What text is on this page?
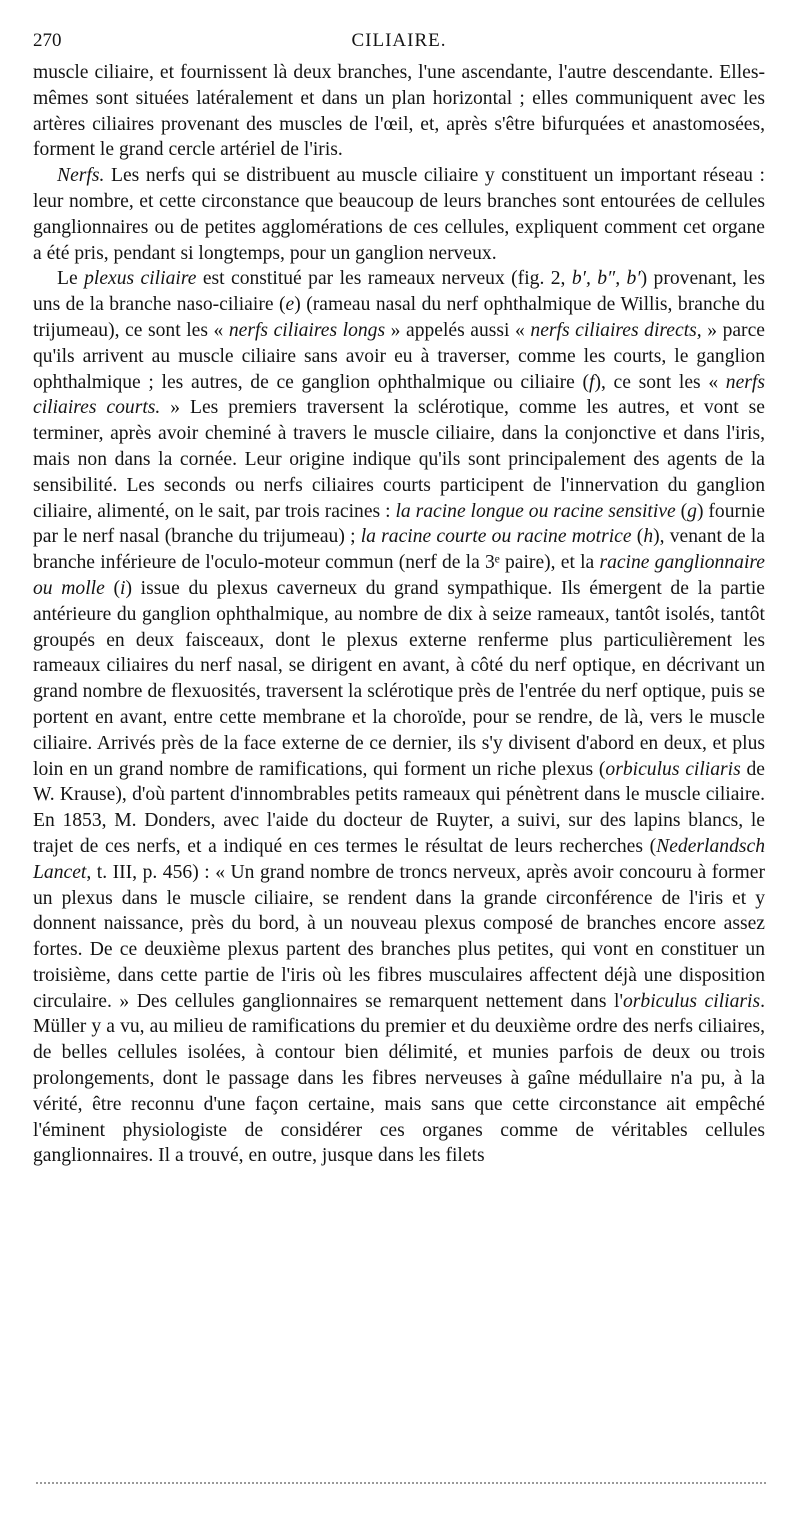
270	CILIAIRE.

muscle ciliaire, et fournissent là deux branches, l'une ascendante, l'autre descendante. Elles-mêmes sont situées latéralement et dans un plan horizontal ; elles communiquent avec les artères ciliaires provenant des muscles de l'œil, et, après s'être bifurquées et anastomosées, forment le grand cercle artériel de l'iris.

Nerfs. Les nerfs qui se distribuent au muscle ciliaire y constituent un important réseau : leur nombre, et cette circonstance que beaucoup de leurs branches sont entourées de cellules ganglionnaires ou de petites agglomérations de ces cellules, expliquent comment cet organe a été pris, pendant si longtemps, pour un ganglion nerveux.

Le plexus ciliaire est constitué par les rameaux nerveux (fig. 2, b′, b″, b′) provenant, les uns de la branche naso-ciliaire (e) (rameau nasal du nerf ophthalmique de Willis, branche du trijumeau), ce sont les « nerfs ciliaires longs » appelés aussi « nerfs ciliaires directs, » parce qu'ils arrivent au muscle ciliaire sans avoir eu à traverser, comme les courts, le ganglion ophthalmique ; les autres, de ce ganglion ophthalmique ou ciliaire (f), ce sont les « nerfs ciliaires courts. » Les premiers traversent la sclérotique, comme les autres, et vont se terminer, après avoir cheminé à travers le muscle ciliaire, dans la conjonctive et dans l'iris, mais non dans la cornée. Leur origine indique qu'ils sont principalement des agents de la sensibilité. Les seconds ou nerfs ciliaires courts participent de l'innervation du ganglion ciliaire, alimenté, on le sait, par trois racines : la racine longue ou racine sensitive (g) fournie par le nerf nasal (branche du trijumeau) ; la racine courte ou racine motrice (h), venant de la branche inférieure de l'oculo-moteur commun (nerf de la 3ᵉ paire), et la racine ganglionnaire ou molle (i) issue du plexus caverneux du grand sympathique. Ils émergent de la partie antérieure du ganglion ophthalmique, au nombre de dix à seize rameaux, tantôt isolés, tantôt groupés en deux faisceaux, dont le plexus externe renferme plus particulièrement les rameaux ciliaires du nerf nasal, se dirigent en avant, à côté du nerf optique, en décrivant un grand nombre de flexuosités, traversent la sclérotique près de l'entrée du nerf optique, puis se portent en avant, entre cette membrane et la choroïde, pour se rendre, de là, vers le muscle ciliaire. Arrivés près de la face externe de ce dernier, ils s'y divisent d'abord en deux, et plus loin en un grand nombre de ramifications, qui forment un riche plexus (orbiculus ciliaris de W. Krause), d'où partent d'innombrables petits rameaux qui pénètrent dans le muscle ciliaire. En 1853, M. Donders, avec l'aide du docteur de Ruyter, a suivi, sur des lapins blancs, le trajet de ces nerfs, et a indiqué en ces termes le résultat de leurs recherches (Nederlandsch Lancet, t. III, p. 456) : « Un grand nombre de troncs nerveux, après avoir concouru à former un plexus dans le muscle ciliaire, se rendent dans la grande circonférence de l'iris et y donnent naissance, près du bord, à un nouveau plexus composé de branches encore assez fortes. De ce deuxième plexus partent des branches plus petites, qui vont en constituer un troisième, dans cette partie de l'iris où les fibres musculaires affectent déjà une disposition circulaire. » Des cellules ganglionnaires se remarquent nettement dans l'orbiculus ciliaris. Müller y a vu, au milieu de ramifications du premier et du deuxième ordre des nerfs ciliaires, de belles cellules isolées, à contour bien délimité, et munies parfois de deux ou trois prolongements, dont le passage dans les fibres nerveuses à gaîne médullaire n'a pu, à la vérité, être reconnu d'une façon certaine, mais sans que cette circonstance ait empêché l'éminent physiologiste de considérer ces organes comme de véritables cellules ganglionnaires. Il a trouvé, en outre, jusque dans les filets
